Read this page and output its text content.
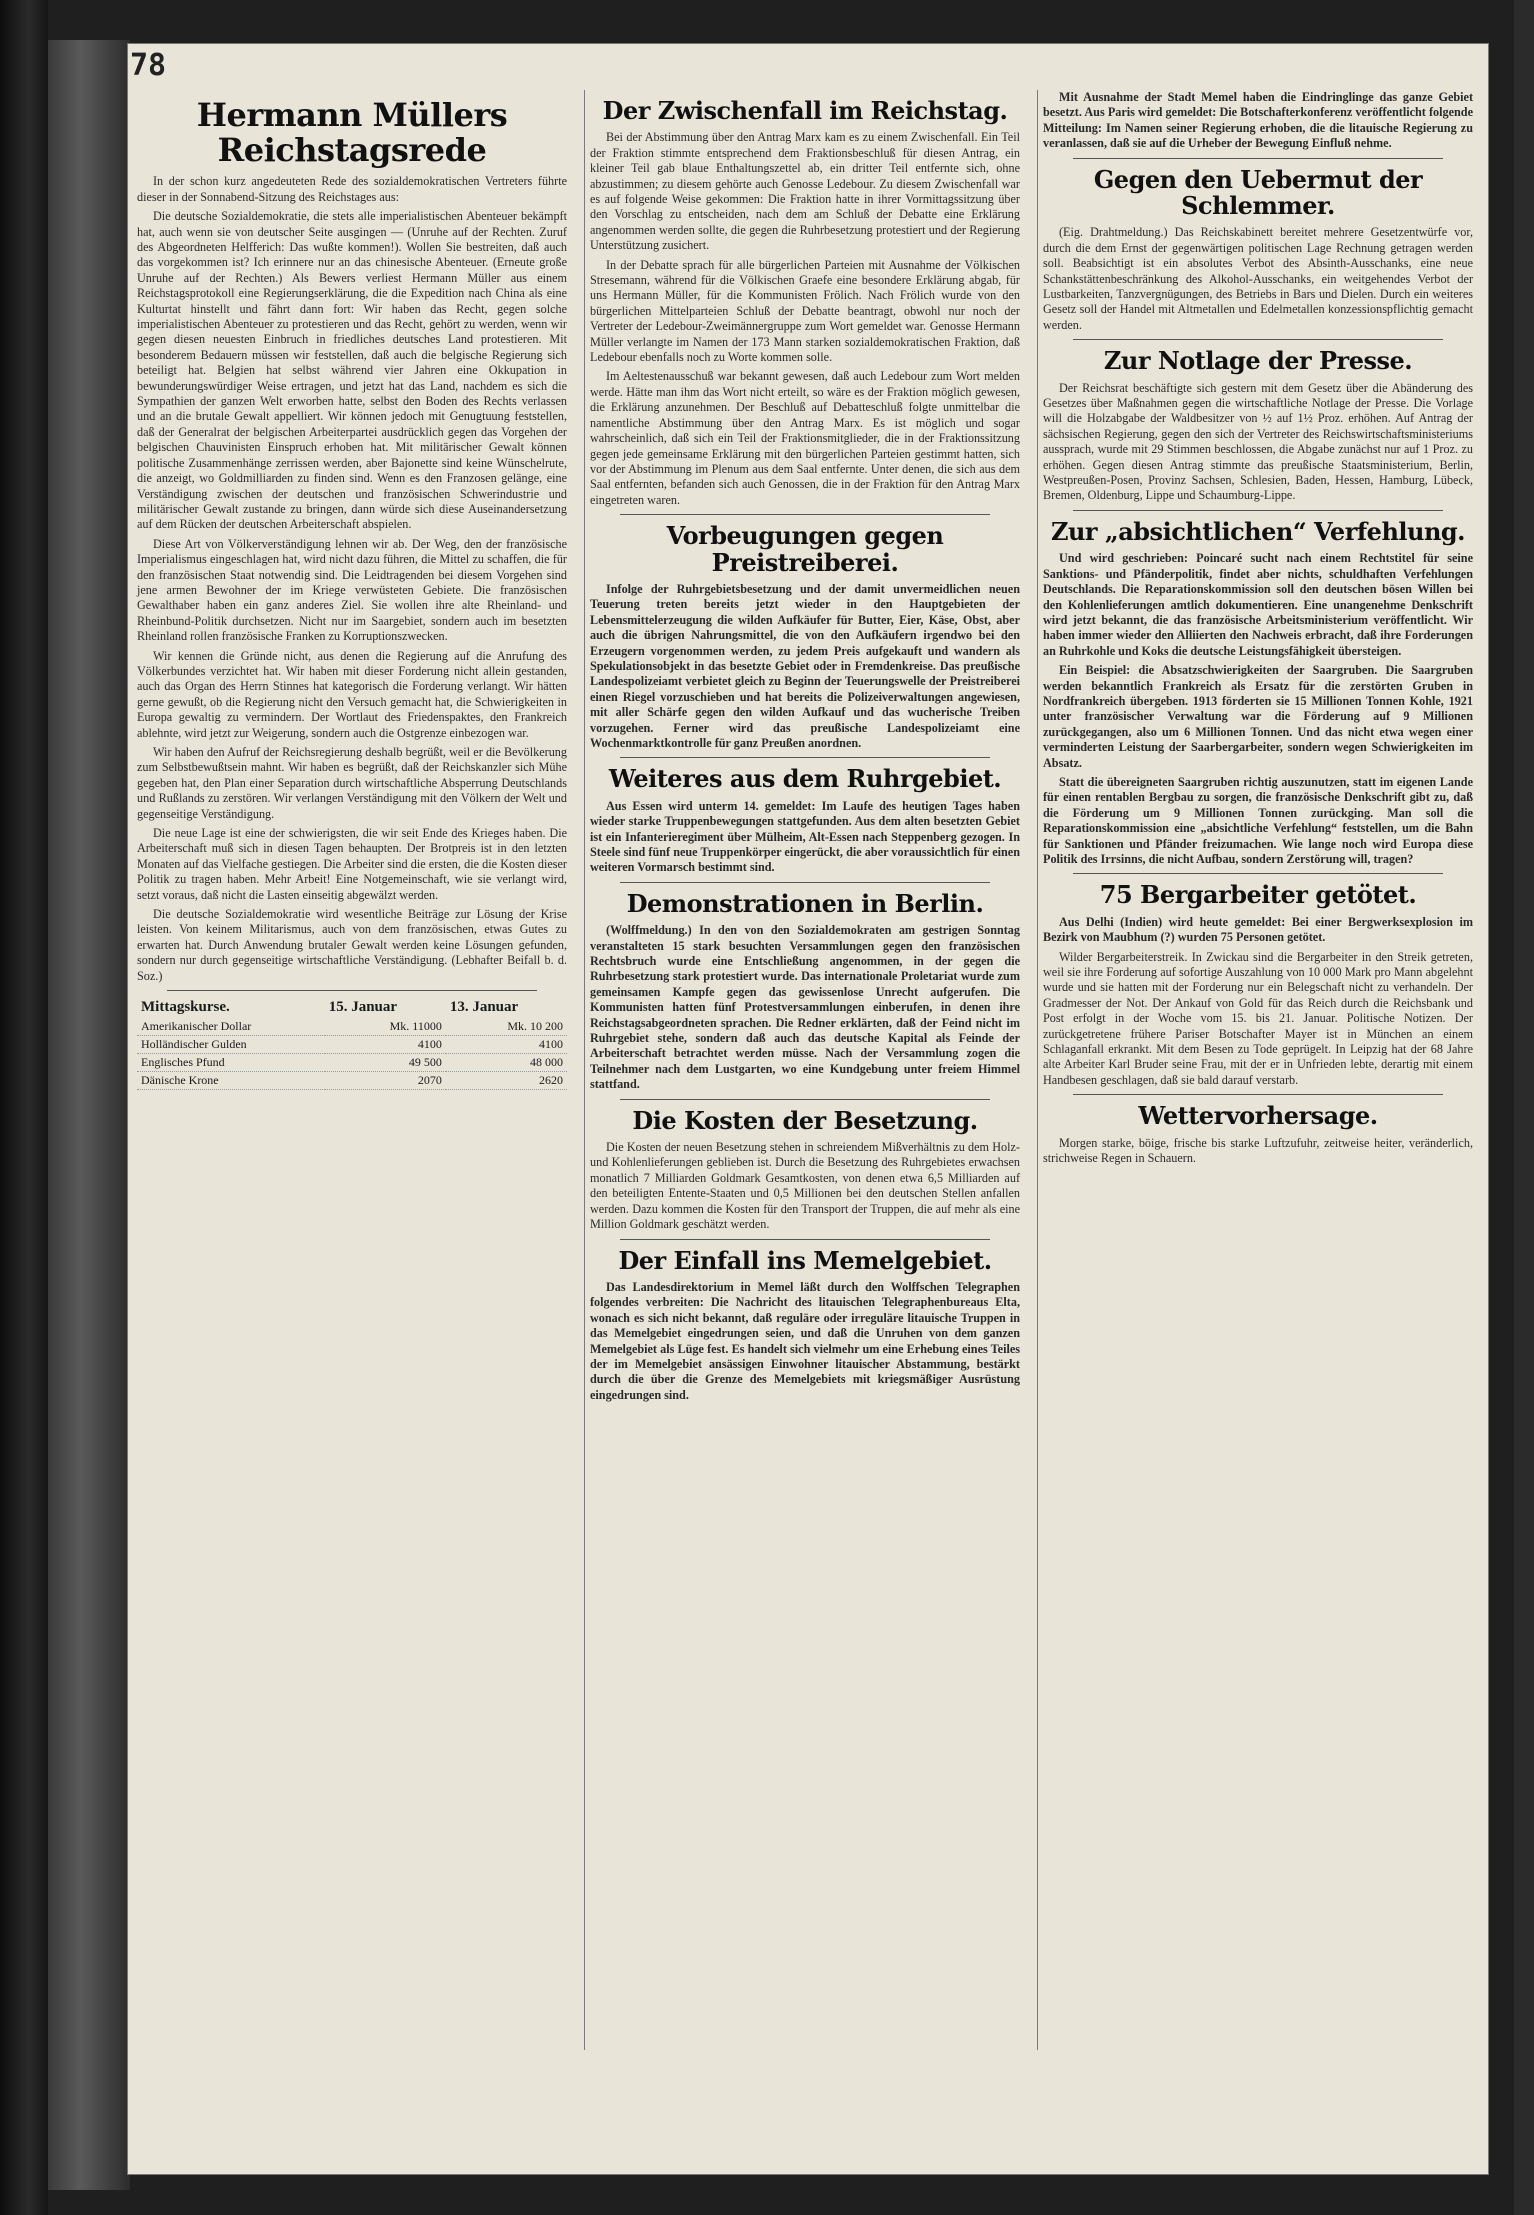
78
Hermann Müllers Reichstagsrede

In der schon kurz angedeuteten Rede des sozialdemokratischen Vertreters führte dieser in der Sonnabend-Sitzung des Reichstages aus:

Die deutsche Sozialdemokratie, die stets alle imperialistischen Abenteuer bekämpft hat, auch wenn sie von deutscher Seite ausgingen — (Unruhe auf der Rechten. Zuruf des Abgeordneten Helfferich: Das wußte kommen!). Wollen Sie bestreiten, daß auch das vorgekommen ist? Ich erinnere nur an das chinesische Abenteuer. (Erneute große Unruhe auf der Rechten.) Als Bewers verliest Hermann Müller aus einem Reichstagsprotokoll eine Regierungserklärung, die die Expedition nach China als eine Kulturtat hinstellt und fährt dann fort: Wir haben das Recht, gegen solche imperialistischen Abenteuer zu protestieren und das Recht, gehört zu werden, wenn wir gegen diesen neuesten Einbruch in friedliches deutsches Land protestieren. Mit besonderem Bedauern müssen wir feststellen, daß auch die belgische Regierung sich beteiligt hat. Belgien hat selbst während vier Jahren eine Okkupation in bewunderungswürdiger Weise ertragen, und jetzt hat das Land, nachdem es sich die Sympathien der ganzen Welt erworben hatte, selbst den Boden des Rechts verlassen und an die brutale Gewalt appelliert. Wir können jedoch mit Genugtuung feststellen, daß der Generalrat der belgischen Arbeiterpartei ausdrücklich gegen das Vorgehen der belgischen Chauvinisten Einspruch erhoben hat. Mit militärischer Gewalt können politische Zusammenhänge zerrissen werden, aber Bajonette sind keine Wünschelrute, die anzeigt, wo Goldmilliarden zu finden sind. Wenn es den Franzosen gelänge, eine Verständigung zwischen der deutschen und französischen Schwerindustrie und militärischer Gewalt zustande zu bringen, dann würde sich diese Auseinandersetzung auf dem Rücken der deutschen Arbeiterschaft abspielen.

Diese Art von Völkerverständigung lehnen wir ab. Der Weg, den der französische Imperialismus eingeschlagen hat, wird nicht dazu führen, die Mittel zu schaffen, die für den französischen Staat notwendig sind. Die Leidtragenden bei diesem Vorgehen sind jene armen Bewohner der im Kriege verwüsteten Gebiete. Die französischen Gewalthaber haben ein ganz anderes Ziel. Sie wollen ihre alte Rheinland- und Rheinbund-Politik durchsetzen. Nicht nur im Saargebiet, sondern auch im besetzten Rheinland rollen französische Franken zu Korruptionszwecken.

Wir kennen die Gründe nicht, aus denen die Regierung auf die Anrufung des Völkerbundes verzichtet hat. Wir haben mit dieser Forderung nicht allein gestanden, auch das Organ des Herrn Stinnes hat kategorisch die Forderung verlangt. Wir hätten gerne gewußt, ob die Regierung nicht den Versuch gemacht hat, die Schwierigkeiten in Europa gewaltig zu vermindern. Der Wortlaut des Friedenspaktes, den Frankreich ablehnte, wird jetzt zur Weigerung, sondern auch die Ostgrenze einbezogen war.

Wir haben den Aufruf der Reichsregierung deshalb begrüßt, weil er die Bevölkerung zum Selbstbewußtsein mahnt. Wir haben es begrüßt, daß der Reichskanzler sich Mühe gegeben hat, den Plan einer Separation durch wirtschaftliche Absperrung Deutschlands und Rußlands zu zerstören. Wir verlangen Verständigung mit den Völkern der Welt und gegenseitige Verständigung.

Die neue Lage ist eine der schwierigsten, die wir seit Ende des Krieges haben. Die Arbeiterschaft muß sich in diesen Tagen behaupten. Der Brotpreis ist in den letzten Monaten auf das Vielfache gestiegen. Die Arbeiter sind die ersten, die die Kosten dieser Politik zu tragen haben. Mehr Arbeit! Eine Notgemeinschaft, wie sie verlangt wird, setzt voraus, daß nicht die Lasten einseitig abgewälzt werden.

Die deutsche Sozialdemokratie wird wesentliche Beiträge zur Lösung der Krise leisten. Von keinem Militarismus, auch von dem französischen, etwas Gutes zu erwarten hat. Durch Anwendung brutaler Gewalt werden keine Lösungen gefunden, sondern nur durch gegenseitige wirtschaftliche Verständigung. (Lebhafter Beifall b. d. Soz.)

Mittagskurse.	15. Januar	13. Januar
Amerikanischer Dollar	Mk. 11000	Mk. 10 200
Holländischer Gulden	4100	4100
Englisches Pfund	49 500	48 000
Dänische Krone	2070	2620
Der Zwischenfall im Reichstag.

Bei der Abstimmung über den Antrag Marx kam es zu einem Zwischenfall. Ein Teil der Fraktion stimmte entsprechend dem Fraktionsbeschluß für diesen Antrag, ein kleiner Teil gab blaue Enthaltungszettel ab, ein dritter Teil entfernte sich, ohne abzustimmen; zu diesem gehörte auch Genosse Ledebour. Zu diesem Zwischenfall war es auf folgende Weise gekommen: Die Fraktion hatte in ihrer Vormittagssitzung über den Vorschlag zu entscheiden, nach dem am Schluß der Debatte eine Erklärung angenommen werden sollte, die gegen die Ruhrbesetzung protestiert und der Regierung Unterstützung zusichert.

In der Debatte sprach für alle bürgerlichen Parteien mit Ausnahme der Völkischen Stresemann, während für die Völkischen Graefe eine besondere Erklärung abgab, für uns Hermann Müller, für die Kommunisten Frölich. Nach Frölich wurde von den bürgerlichen Mittelparteien Schluß der Debatte beantragt, obwohl nur noch der Vertreter der Ledebour-Zweimännergruppe zum Wort gemeldet war. Genosse Hermann Müller verlangte im Namen der 173 Mann starken sozialdemokratischen Fraktion, daß Ledebour ebenfalls noch zu Worte kommen solle.

Im Aeltestenausschuß war bekannt gewesen, daß auch Ledebour zum Wort melden werde. Hätte man ihm das Wort nicht erteilt, so wäre es der Fraktion möglich gewesen, die Erklärung anzunehmen. Der Beschluß auf Debatteschluß folgte unmittelbar die namentliche Abstimmung über den Antrag Marx. Es ist möglich und sogar wahrscheinlich, daß sich ein Teil der Fraktionsmitglieder, die in der Fraktionssitzung gegen jede gemeinsame Erklärung mit den bürgerlichen Parteien gestimmt hatten, sich vor der Abstimmung im Plenum aus dem Saal entfernte. Unter denen, die sich aus dem Saal entfernten, befanden sich auch Genossen, die in der Fraktion für den Antrag Marx eingetreten waren.

Vorbeugungen gegen Preistreiberei.

Infolge der Ruhrgebietsbesetzung und der damit unvermeidlichen neuen Teuerung treten bereits jetzt wieder in den Hauptgebieten der Lebensmittelerzeugung die wilden Aufkäufer für Butter, Eier, Käse, Obst, aber auch die übrigen Nahrungsmittel, die von den Aufkäufern irgendwo bei den Erzeugern vorgenommen werden, zu jedem Preis aufgekauft und wandern als Spekulationsobjekt in das besetzte Gebiet oder in Fremdenkreise. Das preußische Landespolizeiamt verbietet gleich zu Beginn der Teuerungswelle der Preistreiberei einen Riegel vorzuschieben und hat bereits die Polizeiverwaltungen angewiesen, mit aller Schärfe gegen den wilden Aufkauf und das wucherische Treiben vorzugehen. Ferner wird das preußische Landespolizeiamt eine Wochenmarktkontrolle für ganz Preußen anordnen.

Weiteres aus dem Ruhrgebiet.

Aus Essen wird unterm 14. gemeldet: Im Laufe des heutigen Tages haben wieder starke Truppenbewegungen stattgefunden. Aus dem alten besetzten Gebiet ist ein Infanterieregiment über Mülheim, Alt-Essen nach Steppenberg gezogen. In Steele sind fünf neue Truppenkörper eingerückt, die aber voraussichtlich für einen weiteren Vormarsch bestimmt sind.

Demonstrationen in Berlin.

(Wolffmeldung.) In den von den Sozialdemokraten am gestrigen Sonntag veranstalteten 15 stark besuchten Versammlungen gegen den französischen Rechtsbruch wurde eine Entschließung angenommen, in der gegen die Ruhrbesetzung stark protestiert wurde. Das internationale Proletariat wurde zum gemeinsamen Kampfe gegen das gewissenlose Unrecht aufgerufen. Die Kommunisten hatten fünf Protestversammlungen einberufen, in denen ihre Reichstagsabgeordneten sprachen. Die Redner erklärten, daß der Feind nicht im Ruhrgebiet stehe, sondern daß auch das deutsche Kapital als Feinde der Arbeiterschaft betrachtet werden müsse. Nach der Versammlung zogen die Teilnehmer nach dem Lustgarten, wo eine Kundgebung unter freiem Himmel stattfand.

Die Kosten der Besetzung.

Die Kosten der neuen Besetzung stehen in schreiendem Mißverhältnis zu dem Holz- und Kohlenlieferungen geblieben ist. Durch die Besetzung des Ruhrgebietes erwachsen monatlich 7 Milliarden Goldmark Gesamtkosten, von denen etwa 6,5 Milliarden auf den beteiligten Entente-Staaten und 0,5 Millionen bei den deutschen Stellen anfallen werden. Dazu kommen die Kosten für den Transport der Truppen, die auf mehr als eine Million Goldmark geschätzt werden.

Der Einfall ins Memelgebiet.

Das Landesdirektorium in Memel läßt durch den Wolffschen Telegraphen folgendes verbreiten: Die Nachricht des litauischen Telegraphenbureaus Elta, wonach es sich nicht bekannt, daß reguläre oder irreguläre litauische Truppen in das Memelgebiet eingedrungen seien, und daß die Unruhen von dem ganzen Memelgebiet als Lüge fest. Es handelt sich vielmehr um eine Erhebung eines Teiles der im Memelgebiet ansässigen Einwohner litauischer Abstammung, bestärkt durch die über die Grenze des Memelgebiets mit kriegsmäßiger Ausrüstung eingedrungen sind.

Mit Ausnahme der Stadt Memel haben die Eindringlinge das ganze Gebiet besetzt. Aus Paris wird gemeldet: Die Botschafterkonferenz veröffentlicht folgende Mitteilung: Im Namen seiner Regierung erhoben, die die litauische Regierung zu veranlassen, daß sie auf die Urheber der Bewegung Einfluß nehme.

Gegen den Uebermut der Schlemmer.

(Eig. Drahtmeldung.) Das Reichskabinett bereitet mehrere Gesetzentwürfe vor, durch die dem Ernst der gegenwärtigen politischen Lage Rechnung getragen werden soll. Beabsichtigt ist ein absolutes Verbot des Absinth-Ausschanks, eine neue Schankstättenbeschränkung des Alkohol-Ausschanks, ein weitgehendes Verbot der Lustbarkeiten, Tanzvergnügungen, des Betriebs in Bars und Dielen. Durch ein weiteres Gesetz soll der Handel mit Altmetallen und Edelmetallen konzessionspflichtig gemacht werden.

Zur Notlage der Presse.

Der Reichsrat beschäftigte sich gestern mit dem Gesetz über die Abänderung des Gesetzes über Maßnahmen gegen die wirtschaftliche Notlage der Presse. Die Vorlage will die Holzabgabe der Waldbesitzer von ½ auf 1½ Proz. erhöhen. Auf Antrag der sächsischen Regierung, gegen den sich der Vertreter des Reichswirtschaftsministeriums aussprach, wurde mit 29 Stimmen beschlossen, die Abgabe zunächst nur auf 1 Proz. zu erhöhen. Gegen diesen Antrag stimmte das preußische Staatsministerium, Berlin, Westpreußen-Posen, Provinz Sachsen, Schlesien, Baden, Hessen, Hamburg, Lübeck, Bremen, Oldenburg, Lippe und Schaumburg-Lippe.

Zur „absichtlichen“ Verfehlung.

Und wird geschrieben: Poincaré sucht nach einem Rechtstitel für seine Sanktions- und Pfänderpolitik, findet aber nichts, schuldhaften Verfehlungen Deutschlands. Die Reparationskommission soll den deutschen bösen Willen bei den Kohlenlieferungen amtlich dokumentieren. Eine unangenehme Denkschrift wird jetzt bekannt, die das französische Arbeitsministerium veröffentlicht. Wir haben immer wieder den Alliierten den Nachweis erbracht, daß ihre Forderungen an Ruhrkohle und Koks die deutsche Leistungsfähigkeit übersteigen.

Ein Beispiel: die Absatzschwierigkeiten der Saargruben. Die Saargruben werden bekanntlich Frankreich als Ersatz für die zerstörten Gruben in Nordfrankreich übergeben. 1913 förderten sie 15 Millionen Tonnen Kohle, 1921 unter französischer Verwaltung war die Förderung auf 9 Millionen zurückgegangen, also um 6 Millionen Tonnen. Und das nicht etwa wegen einer verminderten Leistung der Saarbergarbeiter, sondern wegen Schwierigkeiten im Absatz.

Statt die übereigneten Saargruben richtig auszunutzen, statt im eigenen Lande für einen rentablen Bergbau zu sorgen, die französische Denkschrift gibt zu, daß die Förderung um 9 Millionen Tonnen zurückging. Man soll die Reparationskommission eine „absichtliche Verfehlung“ feststellen, um die Bahn für Sanktionen und Pfänder freizumachen. Wie lange noch wird Europa diese Politik des Irrsinns, die nicht Aufbau, sondern Zerstörung will, tragen?

75 Bergarbeiter getötet.

Aus Delhi (Indien) wird heute gemeldet: Bei einer Bergwerksexplosion im Bezirk von Maubhum (?) wurden 75 Personen getötet.

Wilder Bergarbeiterstreik. In Zwickau sind die Bergarbeiter in den Streik getreten, weil sie ihre Forderung auf sofortige Auszahlung von 10 000 Mark pro Mann abgelehnt wurde und sie hatten mit der Forderung nur ein Belegschaft nicht zu verhandeln. Der Gradmesser der Not. Der Ankauf von Gold für das Reich durch die Reichsbank und Post erfolgt in der Woche vom 15. bis 21. Januar. Politische Notizen. Der zurückgetretene frühere Pariser Botschafter Mayer ist in München an einem Schlaganfall erkrankt. Mit dem Besen zu Tode geprügelt. In Leipzig hat der 68 Jahre alte Arbeiter Karl Bruder seine Frau, mit der er in Unfrieden lebte, derartig mit einem Handbesen geschlagen, daß sie bald darauf verstarb.

Wettervorhersage.

Morgen starke, böige, frische bis starke Luftzufuhr, zeitweise heiter, veränderlich, strichweise Regen in Schauern.
